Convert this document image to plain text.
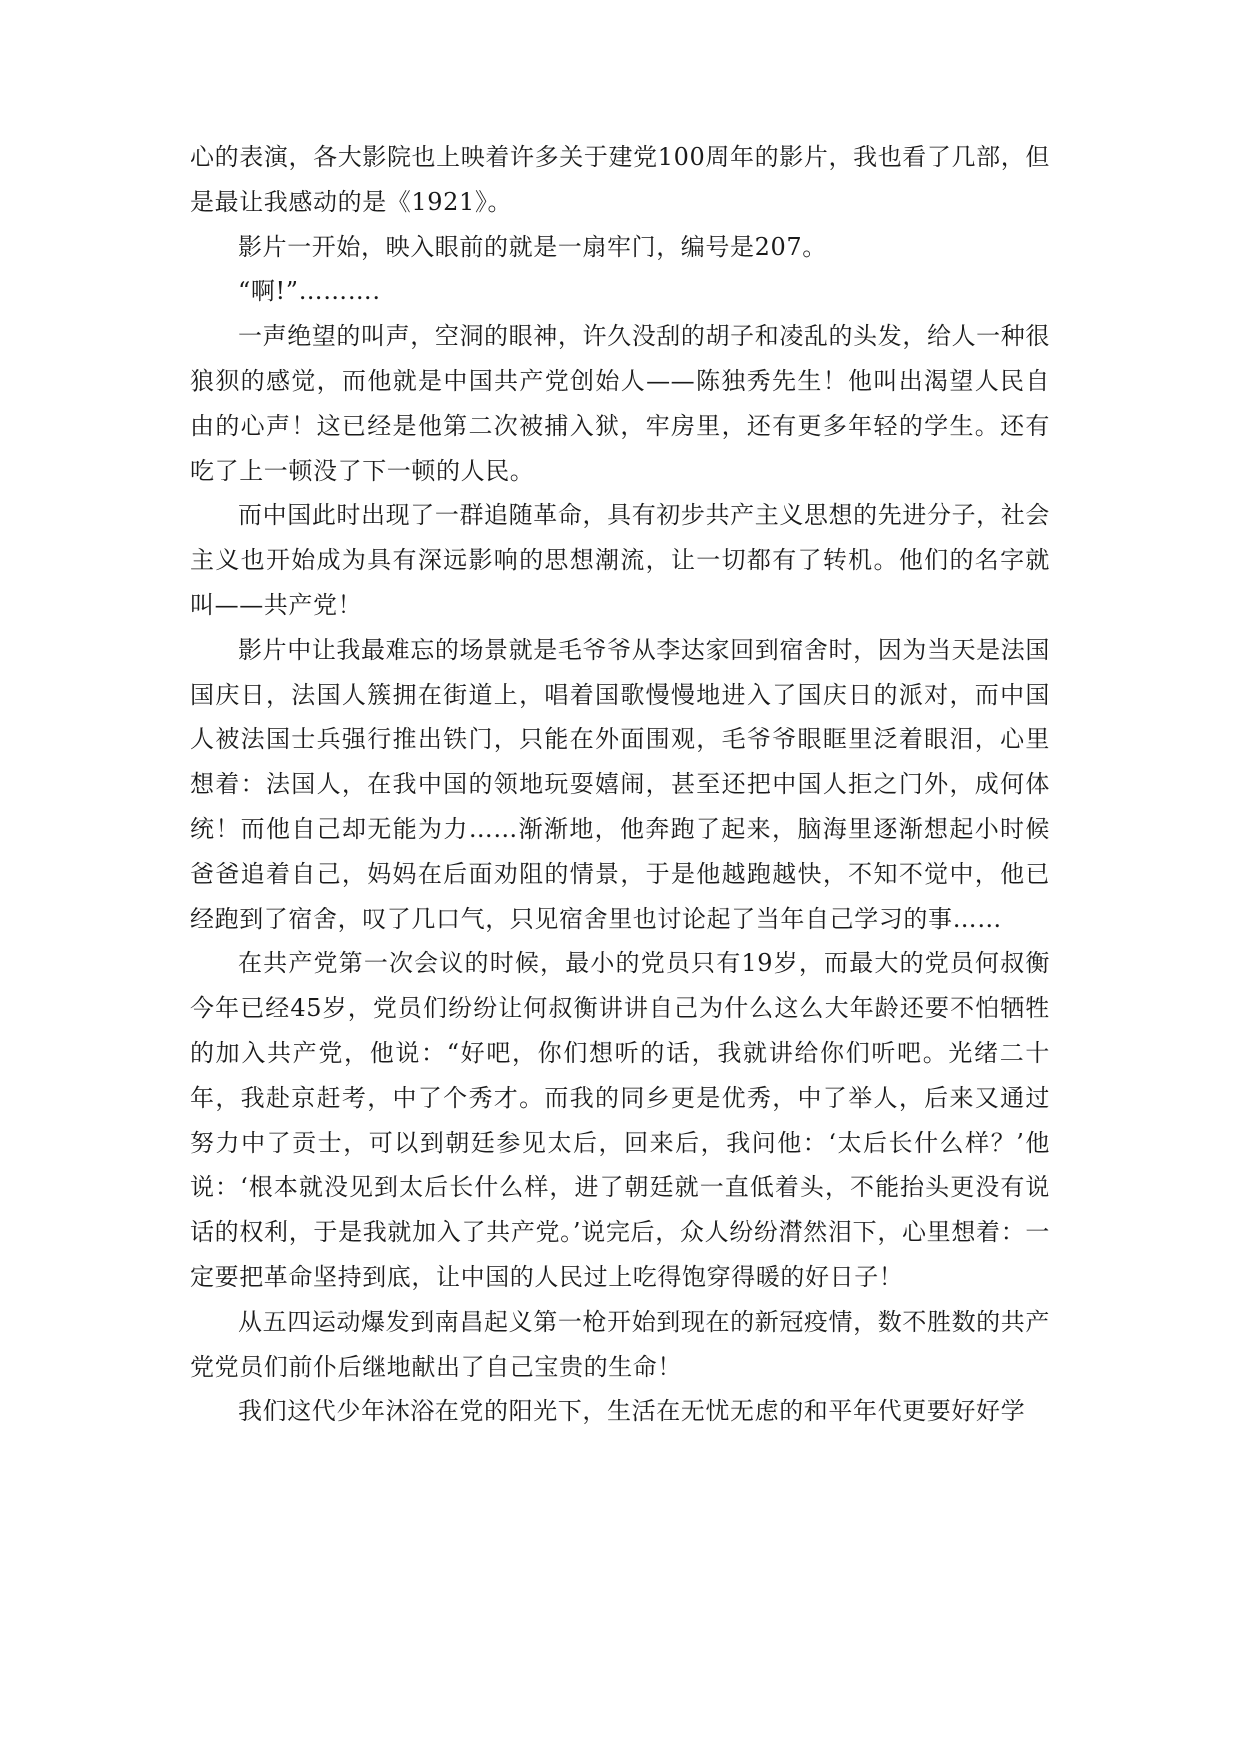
心的表演，各大影院也上映着许多关于建党100周年的影片，我也看了几部，但是最让我感动的是《1921》。

影片一开始，映入眼前的就是一扇牢门，编号是207。

“啊!”……….

一声绝望的叫声，空洞的眼神，许久没刮的胡子和凌乱的头发，给人一种很狼狈的感觉，而他就是中国共产党创始人——陈独秀先生！他叫出渴望人民自由的心声！这已经是他第二次被捕入狱，牢房里，还有更多年轻的学生。还有吃了上一顿没了下一顿的人民。

而中国此时出现了一群追随革命，具有初步共产主义思想的先进分子，社会主义也开始成为具有深远影响的思想潮流，让一切都有了转机。他们的名字就叫——共产党！

影片中让我最难忘的场景就是毛爷爷从李达家回到宿舍时，因为当天是法国国庆日，法国人簇拥在街道上，唱着国歌慢慢地进入了国庆日的派对，而中国人被法国士兵强行推出铁门，只能在外面围观，毛爷爷眼眶里泛着眼泪，心里想着：法国人，在我中国的领地玩耍嬉闹，甚至还把中国人拒之门外，成何体统！而他自己却无能为力……渐渐地，他奔跑了起来，脑海里逐渐想起小时候爸爸追着自己，妈妈在后面劝阻的情景，于是他越跑越快，不知不觉中，他已经跑到了宿舍，叹了几口气，只见宿舍里也讨论起了当年自己学习的事……

在共产党第一次会议的时候，最小的党员只有19岁，而最大的党员何叔衡今年已经45岁，党员们纷纷让何叔衡讲讲自己为什么这么大年龄还要不怕牺牲的加入共产党，他说：“好吧，你们想听的话，我就讲给你们听吧。光绪二十年，我赴京赶考，中了个秀才。而我的同乡更是优秀，中了举人，后来又通过努力中了贡士，可以到朝廷参见太后，回来后，我问他：‘太后长什么样？’他说：‘根本就没见到太后长什么样，进了朝廷就一直低着头，不能抬头更没有说话的权利，于是我就加入了共产党。’说完后，众人纷纷潸然泪下，心里想着：一定要把革命坚持到底，让中国的人民过上吃得饱穿得暖的好日子！

从五四运动爆发到南昌起义第一枪开始到现在的新冠疫情，数不胜数的共产党党员们前仆后继地献出了自己宝贵的生命！

我们这代少年沐浴在党的阳光下，生活在无忧无虑的和平年代更要好好学
